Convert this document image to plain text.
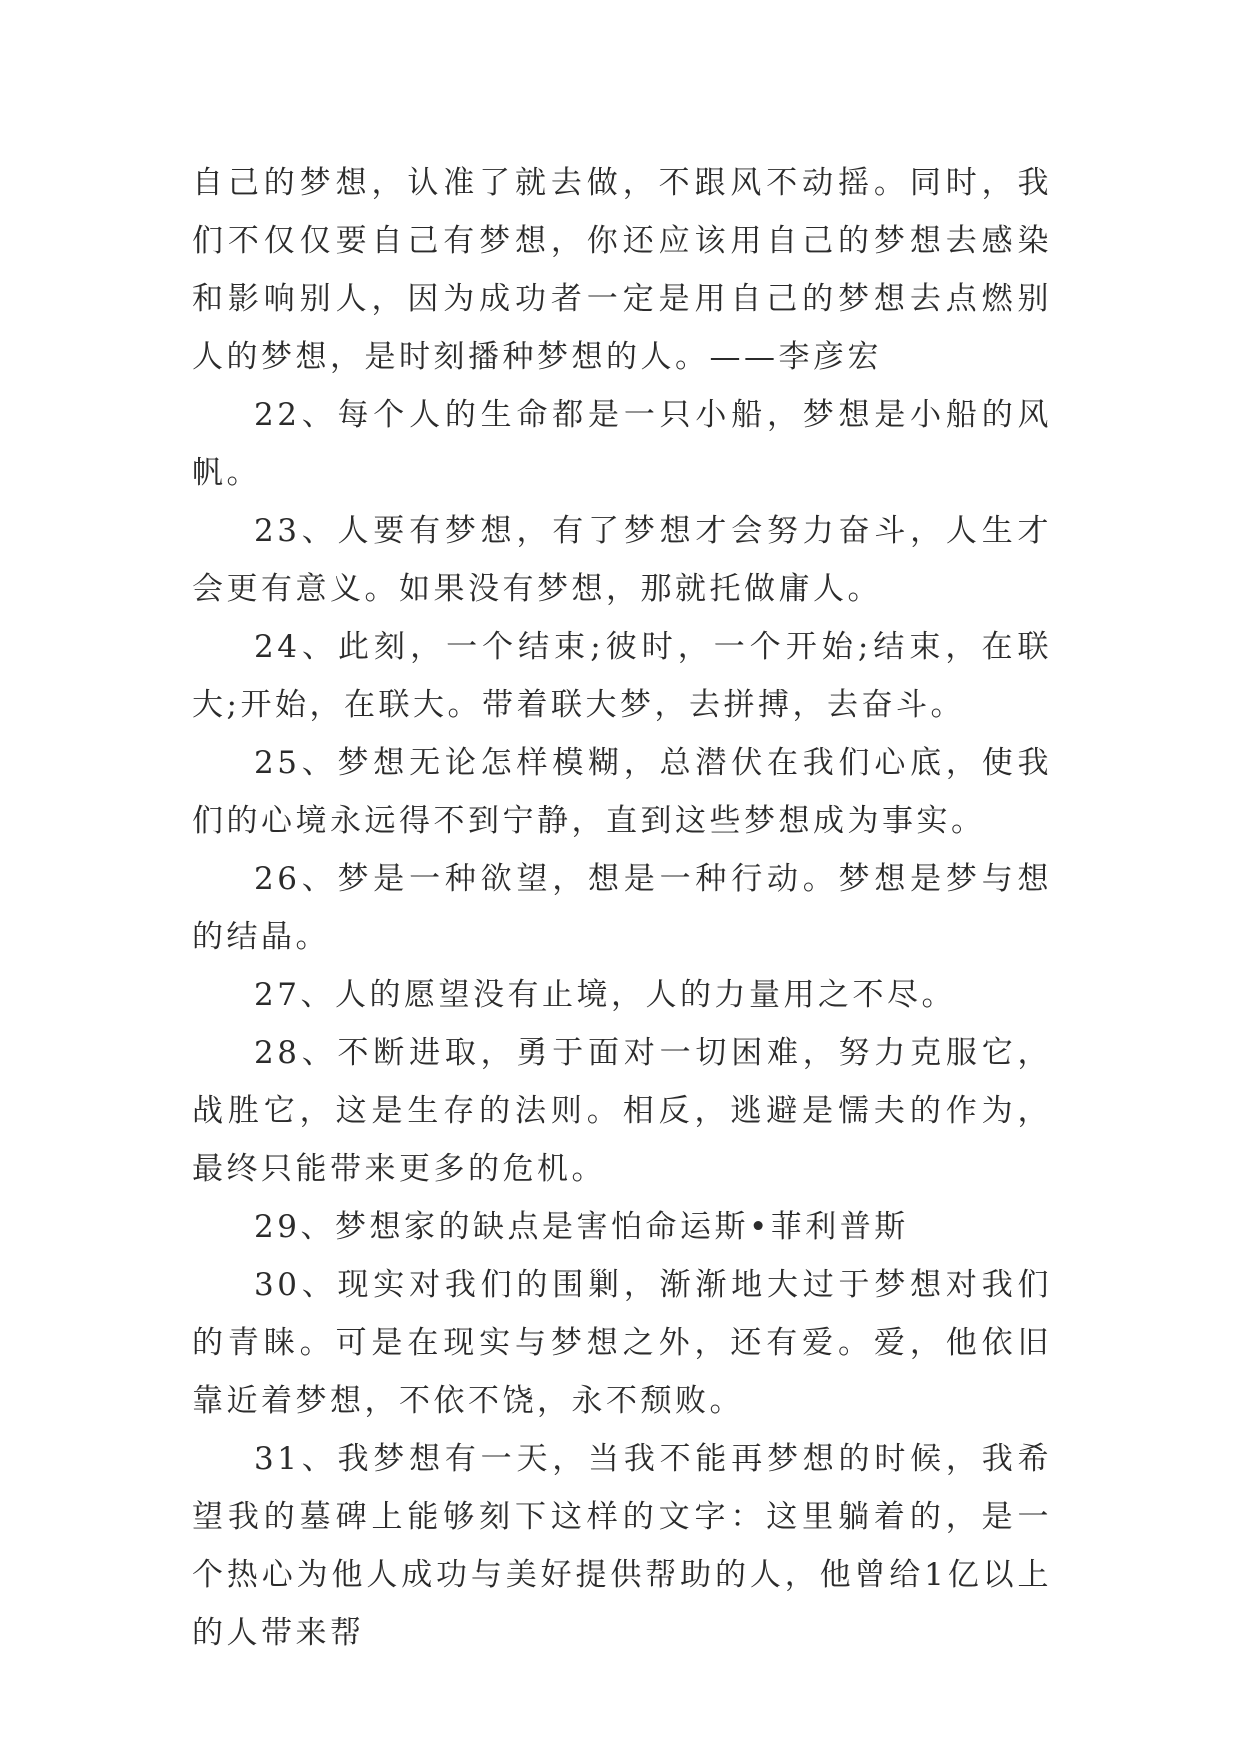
自己的梦想，认准了就去做，不跟风不动摇。同时，我们不仅仅要自己有梦想，你还应该用自己的梦想去感染和影响别人，因为成功者一定是用自己的梦想去点燃别人的梦想，是时刻播种梦想的人。——李彦宏

22、每个人的生命都是一只小船，梦想是小船的风帆。

23、人要有梦想，有了梦想才会努力奋斗，人生才会更有意义。如果没有梦想，那就托做庸人。

24、此刻，一个结束;彼时，一个开始;结束，在联大;开始，在联大。带着联大梦，去拼搏，去奋斗。

25、梦想无论怎样模糊，总潜伏在我们心底，使我们的心境永远得不到宁静，直到这些梦想成为事实。

26、梦是一种欲望，想是一种行动。梦想是梦与想的结晶。

27、人的愿望没有止境，人的力量用之不尽。

28、不断进取，勇于面对一切困难，努力克服它，战胜它，这是生存的法则。相反，逃避是懦夫的作为，最终只能带来更多的危机。

29、梦想家的缺点是害怕命运斯•菲利普斯

30、现实对我们的围剿，渐渐地大过于梦想对我们的青睐。可是在现实与梦想之外，还有爱。爱，他依旧靠近着梦想，不依不饶，永不颓败。

31、我梦想有一天，当我不能再梦想的时候，我希望我的墓碑上能够刻下这样的文字：这里躺着的，是一个热心为他人成功与美好提供帮助的人，他曾给1亿以上的人带来帮
